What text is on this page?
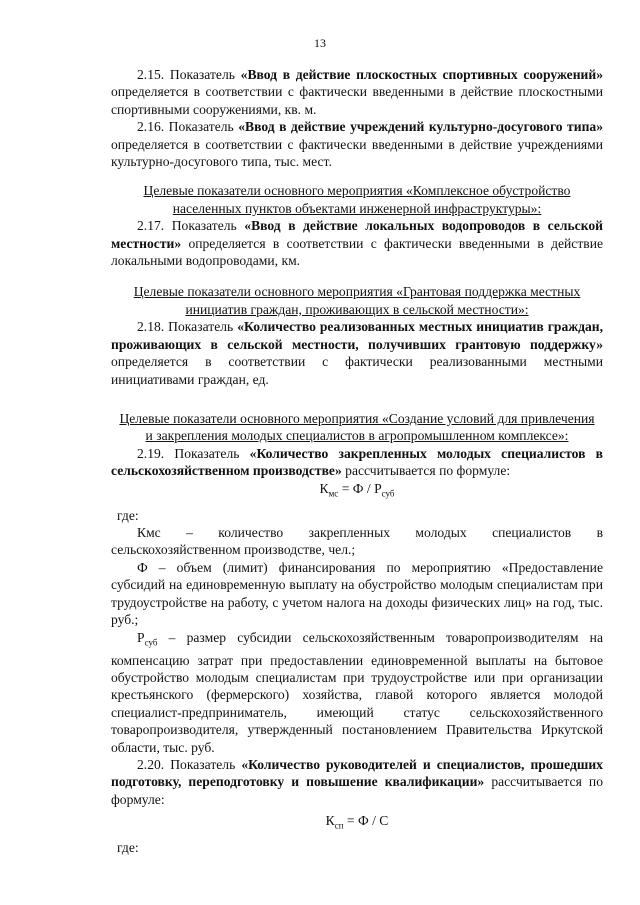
13

2.15. Показатель «Ввод в действие плоскостных спортивных сооружений» определяется в соответствии с фактически введенными в действие плоскостными спортивными сооружениями, кв. м.

2.16. Показатель «Ввод в действие учреждений культурно-досугового типа» определяется в соответствии с фактически введенными в действие учреждениями культурно-досугового типа, тыс. мест.

Целевые показатели основного мероприятия «Комплексное обустройство населенных пунктов объектами инженерной инфраструктуры»:

2.17. Показатель «Ввод в действие локальных водопроводов в сельской местности» определяется в соответствии с фактически введенными в действие локальными водопроводами, км.

Целевые показатели основного мероприятия «Грантовая поддержка местных инициатив граждан, проживающих в сельской местности»:

2.18. Показатель «Количество реализованных местных инициатив граждан, проживающих в сельской местности, получивших грантовую поддержку» определяется в соответствии с фактически реализованными местными инициативами граждан, ед.

Целевые показатели основного мероприятия «Создание условий для привлечения и закрепления молодых специалистов в агропромышленном комплексе»:

2.19. Показатель «Количество закрепленных молодых специалистов в сельскохозяйственном производстве» рассчитывается по формуле:

$К_{мс} = Ф / Р_{суб}$

где:

Кмс – количество закрепленных молодых специалистов в сельскохозяйственном производстве, чел.;

Ф – объем (лимит) финансирования по мероприятию «Предоставление субсидий на единовременную выплату на обустройство молодым специалистам при трудоустройстве на работу, с учетом налога на доходы физических лиц» на год, тыс. руб.;

$Р_{суб}$ – размер субсидии сельскохозяйственным товаропроизводителям на компенсацию затрат при предоставлении единовременной выплаты на бытовое обустройство молодым специалистам при трудоустройстве или при организации крестьянского (фермерского) хозяйства, главой которого является молодой специалист-предприниматель, имеющий статус сельскохозяйственного товаропроизводителя, утвержденный постановлением Правительства Иркутской области, тыс. руб.

2.20. Показатель «Количество руководителей и специалистов, прошедших подготовку, переподготовку и повышение квалификации» рассчитывается по формуле:

$К_{сп} = Ф / С$

где:
